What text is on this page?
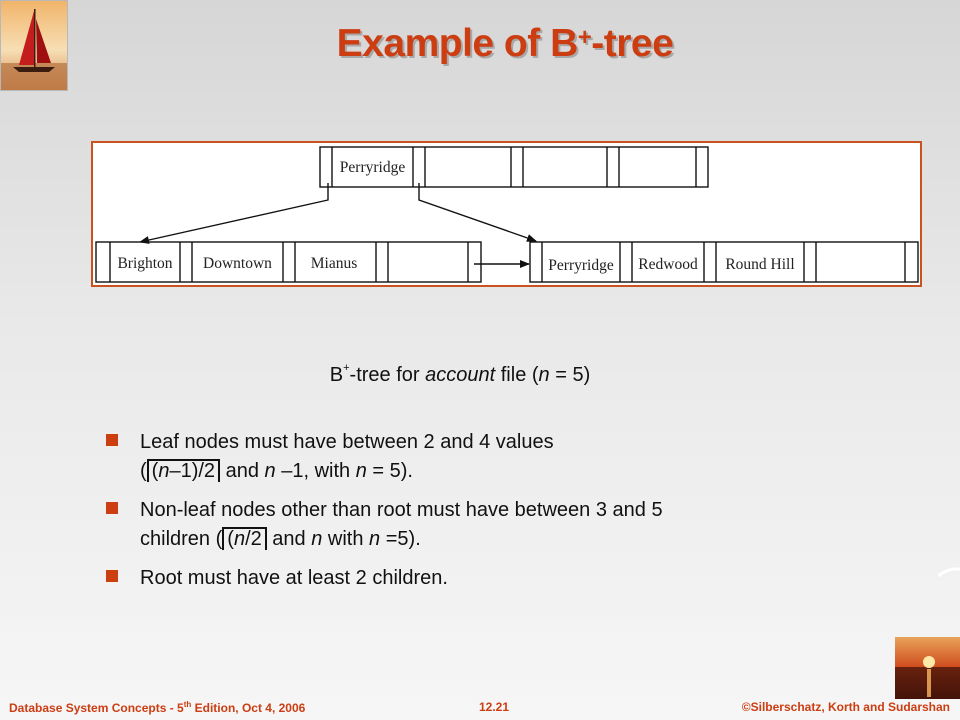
Example of B+-tree
Perryridge
Brighton Downtown	Mianus	Perryridge Redwood Round Hill
B+-tree for account file (n = 5)
Leaf nodes must have between 2 and 4 values
( (n–1)/2 and n –1, with n = 5).
Non-leaf nodes other than root must have between 3 and 5
children ( (n/2 and n with n =5).
Root must have at least 2 children.
Database System Concepts - 5th Edition, Oct 4, 2006	12.21	©Silberschatz, Korth and Sudarshan
